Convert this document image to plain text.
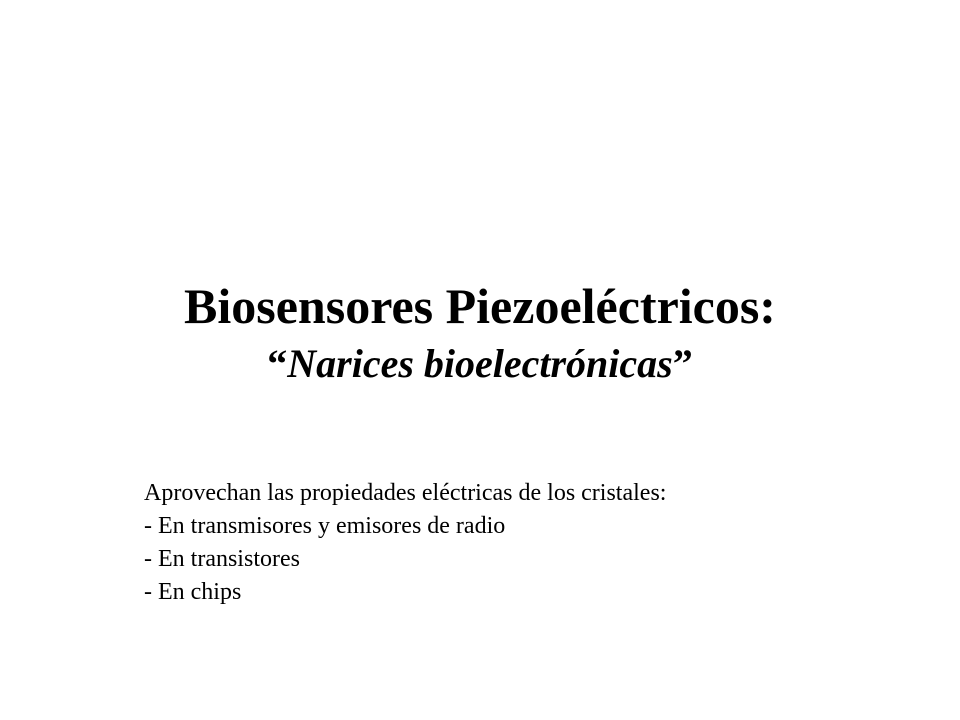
Biosensores Piezoeléctricos:

“Narices bioelectrónicas”

Aprovechan las propiedades eléctricas de los cristales:

- En transmisores y emisores de radio

- En transistores

- En chips
